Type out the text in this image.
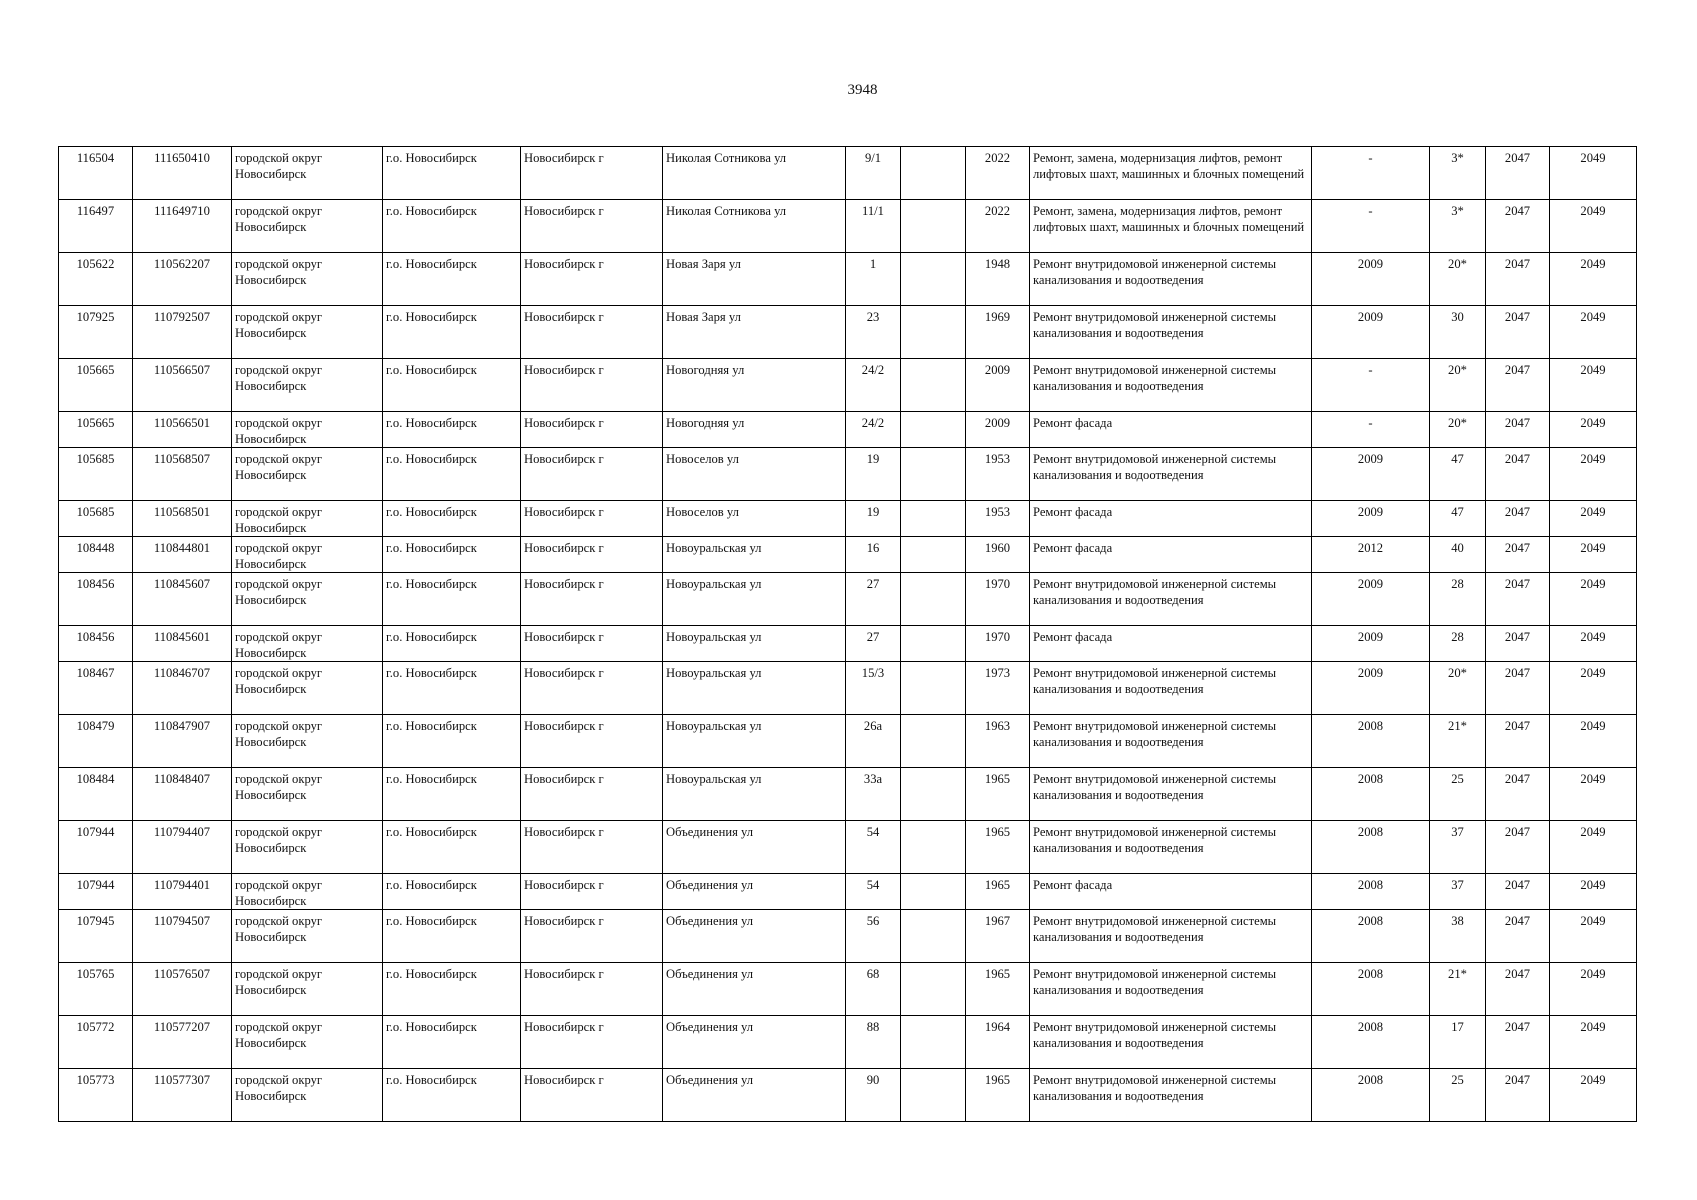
3948
116504	111650410	городской округ Новосибирск	г.о. Новосибирск	Новосибирск г	Николая Сотникова ул	9/1		2022	Ремонт, замена, модернизация лифтов, ремонт лифтовых шахт, машинных и блочных помещений	-	3*	2047	2049
116497	111649710	городской округ Новосибирск	г.о. Новосибирск	Новосибирск г	Николая Сотникова ул	11/1		2022	Ремонт, замена, модернизация лифтов, ремонт лифтовых шахт, машинных и блочных помещений	-	3*	2047	2049
105622	110562207	городской округ Новосибирск	г.о. Новосибирск	Новосибирск г	Новая Заря ул	1		1948	Ремонт внутридомовой инженерной системы канализования и водоотведения	2009	20*	2047	2049
107925	110792507	городской округ Новосибирск	г.о. Новосибирск	Новосибирск г	Новая Заря ул	23		1969	Ремонт внутридомовой инженерной системы канализования и водоотведения	2009	30	2047	2049
105665	110566507	городской округ Новосибирск	г.о. Новосибирск	Новосибирск г	Новогодняя ул	24/2		2009	Ремонт внутридомовой инженерной системы канализования и водоотведения	-	20*	2047	2049
105665	110566501	городской округ Новосибирск	г.о. Новосибирск	Новосибирск г	Новогодняя ул	24/2		2009	Ремонт фасада	-	20*	2047	2049
105685	110568507	городской округ Новосибирск	г.о. Новосибирск	Новосибирск г	Новоселов ул	19		1953	Ремонт внутридомовой инженерной системы канализования и водоотведения	2009	47	2047	2049
105685	110568501	городской округ Новосибирск	г.о. Новосибирск	Новосибирск г	Новоселов ул	19		1953	Ремонт фасада	2009	47	2047	2049
108448	110844801	городской округ Новосибирск	г.о. Новосибирск	Новосибирск г	Новоуральская ул	16		1960	Ремонт фасада	2012	40	2047	2049
108456	110845607	городской округ Новосибирск	г.о. Новосибирск	Новосибирск г	Новоуральская ул	27		1970	Ремонт внутридомовой инженерной системы канализования и водоотведения	2009	28	2047	2049
108456	110845601	городской округ Новосибирск	г.о. Новосибирск	Новосибирск г	Новоуральская ул	27		1970	Ремонт фасада	2009	28	2047	2049
108467	110846707	городской округ Новосибирск	г.о. Новосибирск	Новосибирск г	Новоуральская ул	15/3		1973	Ремонт внутридомовой инженерной системы канализования и водоотведения	2009	20*	2047	2049
108479	110847907	городской округ Новосибирск	г.о. Новосибирск	Новосибирск г	Новоуральская ул	26а		1963	Ремонт внутридомовой инженерной системы канализования и водоотведения	2008	21*	2047	2049
108484	110848407	городской округ Новосибирск	г.о. Новосибирск	Новосибирск г	Новоуральская ул	33а		1965	Ремонт внутридомовой инженерной системы канализования и водоотведения	2008	25	2047	2049
107944	110794407	городской округ Новосибирск	г.о. Новосибирск	Новосибирск г	Объединения ул	54		1965	Ремонт внутридомовой инженерной системы канализования и водоотведения	2008	37	2047	2049
107944	110794401	городской округ Новосибирск	г.о. Новосибирск	Новосибирск г	Объединения ул	54		1965	Ремонт фасада	2008	37	2047	2049
107945	110794507	городской округ Новосибирск	г.о. Новосибирск	Новосибирск г	Объединения ул	56		1967	Ремонт внутридомовой инженерной системы канализования и водоотведения	2008	38	2047	2049
105765	110576507	городской округ Новосибирск	г.о. Новосибирск	Новосибирск г	Объединения ул	68		1965	Ремонт внутридомовой инженерной системы канализования и водоотведения	2008	21*	2047	2049
105772	110577207	городской округ Новосибирск	г.о. Новосибирск	Новосибирск г	Объединения ул	88		1964	Ремонт внутридомовой инженерной системы канализования и водоотведения	2008	17	2047	2049
105773	110577307	городской округ Новосибирск	г.о. Новосибирск	Новосибирск г	Объединения ул	90		1965	Ремонт внутридомовой инженерной системы канализования и водоотведения	2008	25	2047	2049
